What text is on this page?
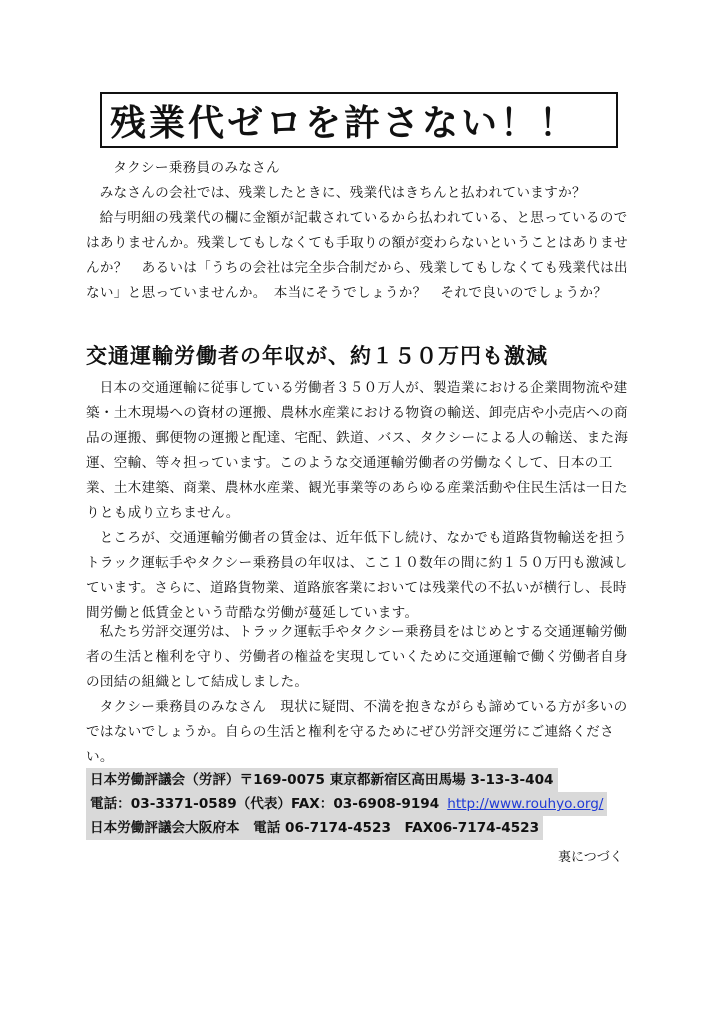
残業代ゼロを許さない！！

タクシー乗務員のみなさん

みなさんの会社では、残業したときに、残業代はきちんと払われていますか？

給与明細の残業代の欄に金額が記載されているから払われている、と思っているのではありませんか。残業してもしなくても手取りの額が変わらないということはありませんか？　あるいは「うちの会社は完全歩合制だから、残業してもしなくても残業代は出ない」と思っていませんか。　本当にそうでしょうか？　それで良いのでしょうか？

交通運輸労働者の年収が、約１５０万円も激減

日本の交通運輸に従事している労働者３５０万人が、製造業における企業間物流や建築・土木現場への資材の運搬、農林水産業における物資の輸送、卸売店や小売店への商品の運搬、郵便物の運搬と配達、宅配、鉄道、バス、タクシーによる人の輸送、また海運、空輸、等々担っています。このような交通運輸労働者の労働なくして、日本の工業、土木建築、商業、農林水産業、観光事業等のあらゆる産業活動や住民生活は一日たりとも成り立ちません。

ところが、交通運輸労働者の賃金は、近年低下し続け、なかでも道路貨物輸送を担うトラック運転手やタクシー乗務員の年収は、ここ１０数年の間に約１５０万円も激減しています。さらに、道路貨物業、道路旅客業においては残業代の不払いが横行し、長時間労働と低賃金という苛酷な労働が蔓延しています。

私たち労評交運労は、トラック運転手やタクシー乗務員をはじめとする交通運輸労働者の生活と権利を守り、労働者の権益を実現していくために交通運輸で働く労働者自身の団結の組織として結成しました。

タクシー乗務員のみなさん　現状に疑問、不満を抱きながらも諦めている方が多いのではないでしょうか。自らの生活と権利を守るためにぜひ労評交運労にご連絡ください。

日本労働評議会（労評）〒169-0075 東京都新宿区高田馬場 3-13-3-404
電話：03-3371-0589（代表）FAX：03-6908-9194 http://www.rouhyo.org/
日本労働評議会大阪府本　電話 06-7174-4523　FAX06-7174-4523
裏につづく
